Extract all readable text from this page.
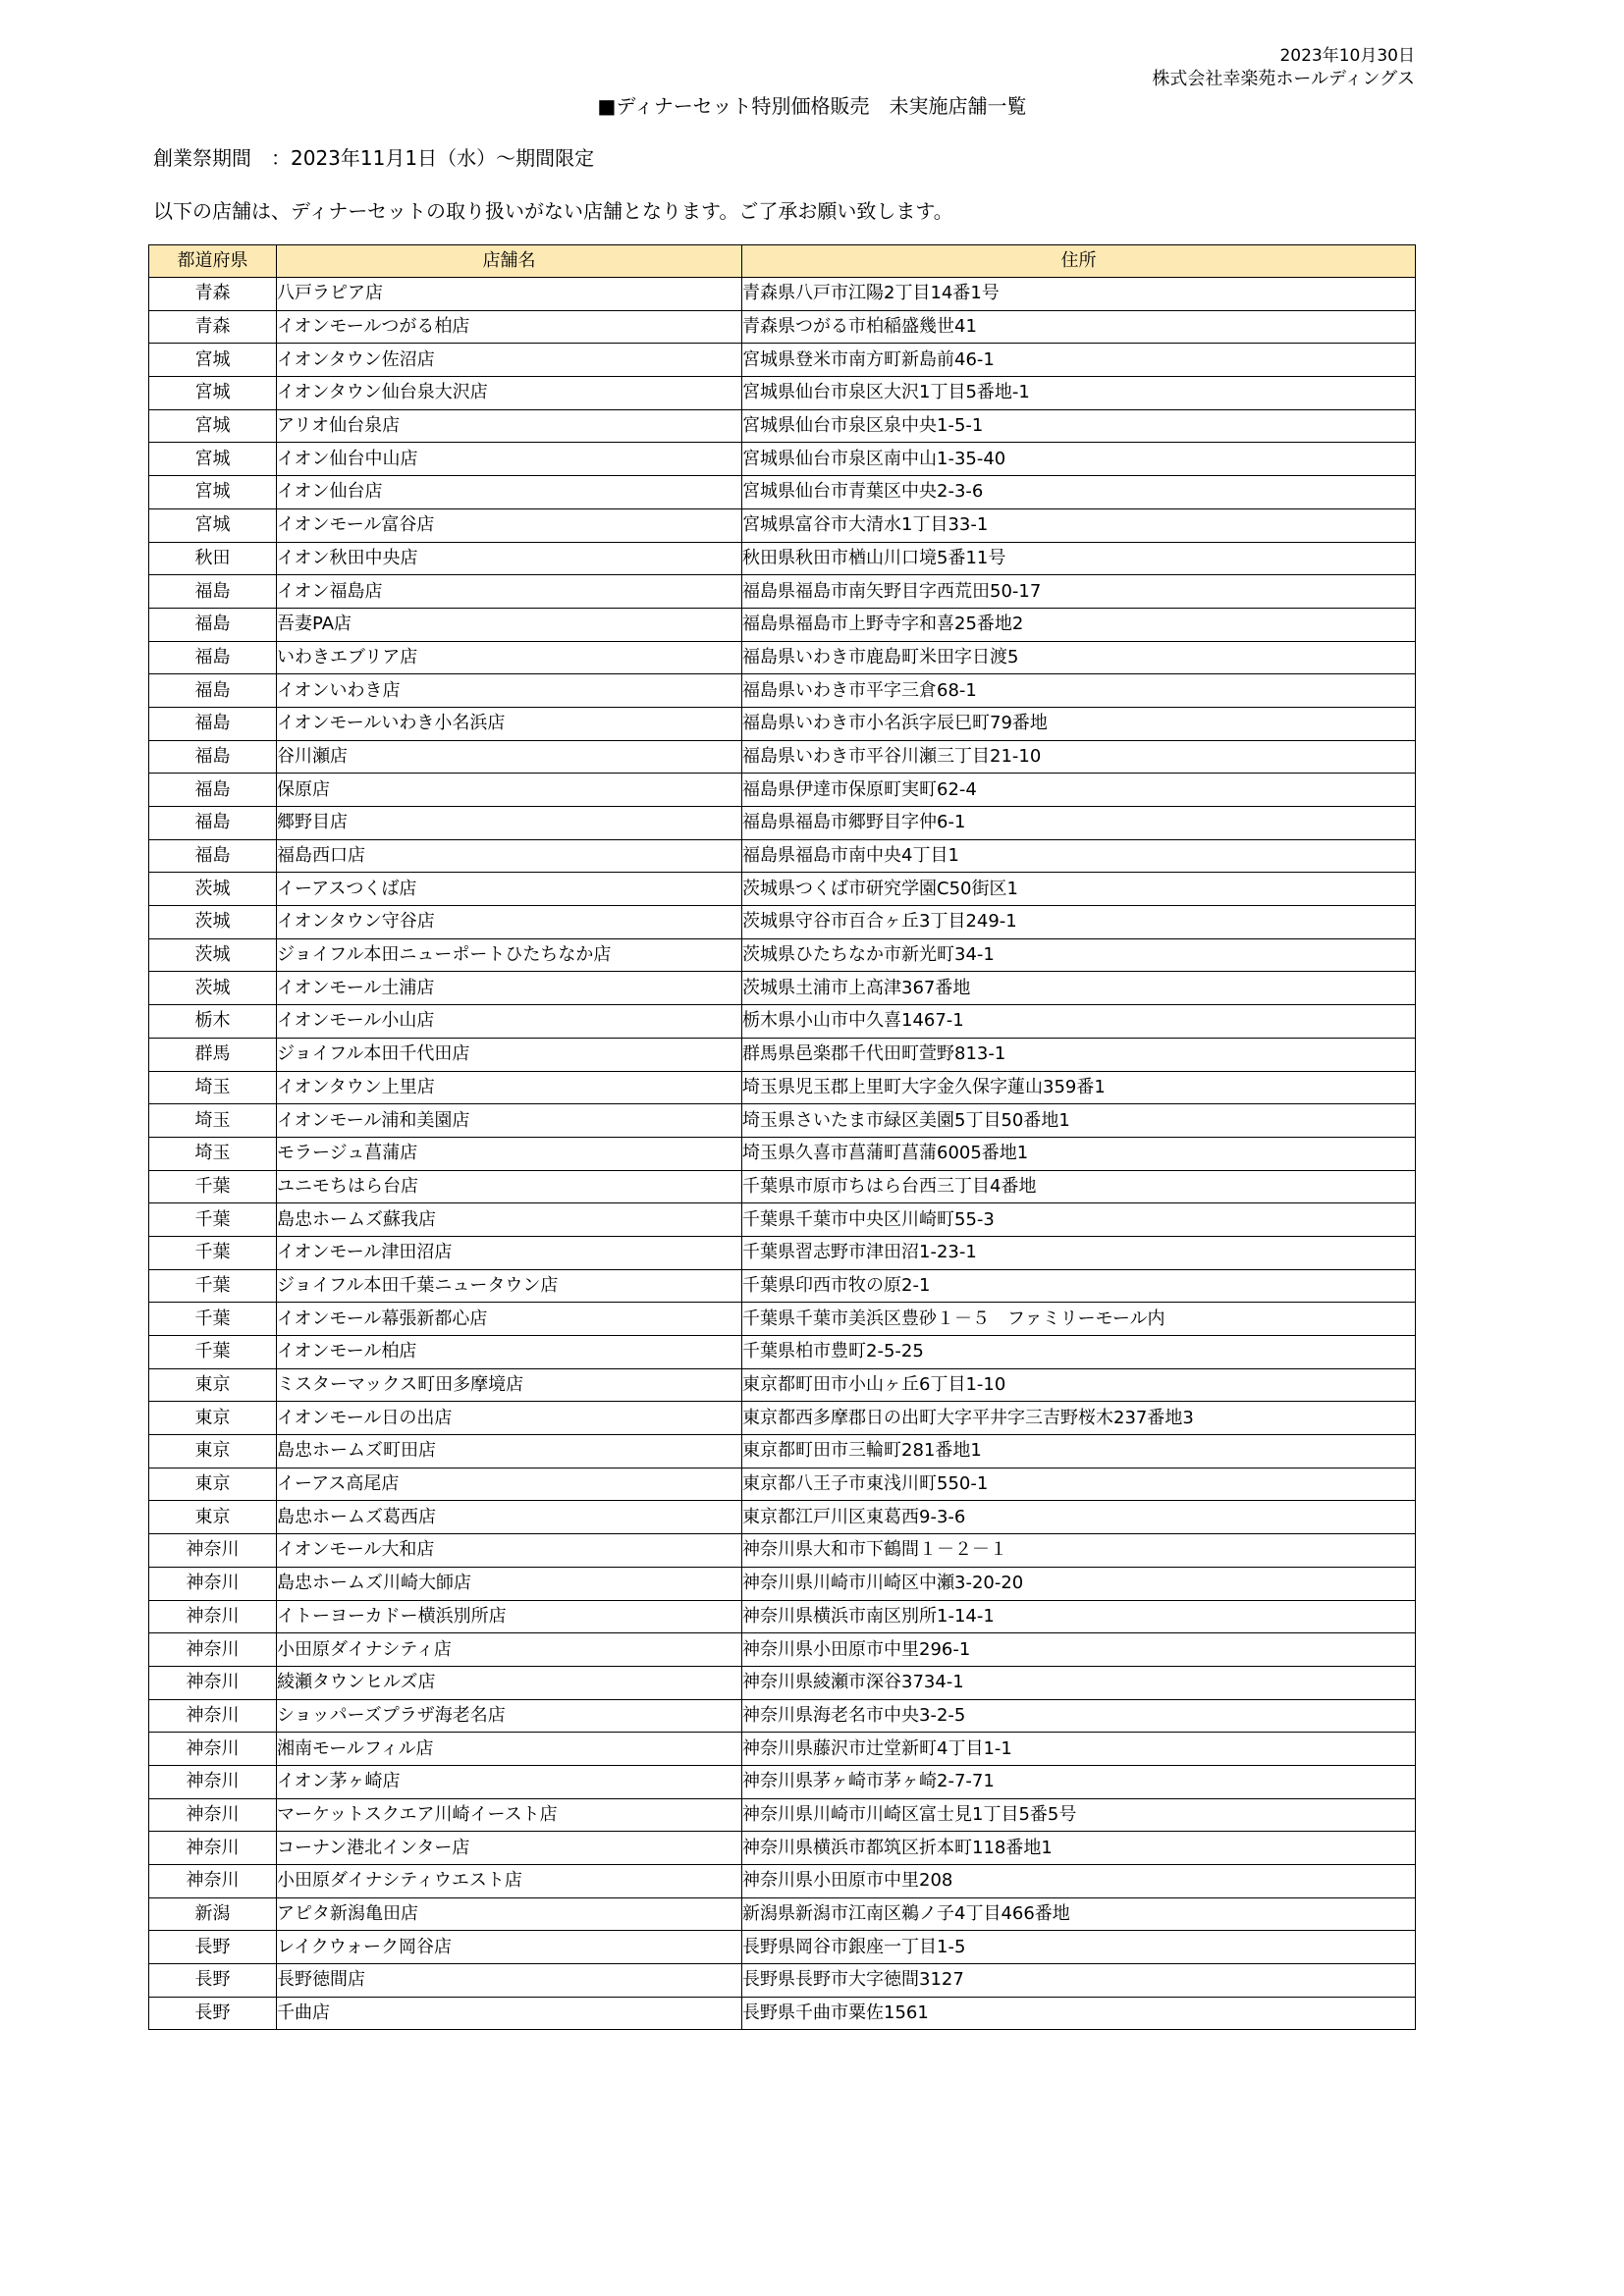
2023年10月30日
株式会社幸楽苑ホールディングス
■ディナーセット特別価格販売　未実施店舗一覧
創業祭期間　：2023年11月1日（水）～期間限定
以下の店舗は、ディナーセットの取り扱いがない店舗となります。ご了承お願い致します。
都道府県	店舗名	住所
青森	八戸ラピア店	青森県八戸市江陽2丁目14番1号
青森	イオンモールつがる柏店	青森県つがる市柏稲盛幾世41
宮城	イオンタウン佐沼店	宮城県登米市南方町新島前46-1
宮城	イオンタウン仙台泉大沢店	宮城県仙台市泉区大沢1丁目5番地-1
宮城	アリオ仙台泉店	宮城県仙台市泉区泉中央1-5-1
宮城	イオン仙台中山店	宮城県仙台市泉区南中山1-35-40
宮城	イオン仙台店	宮城県仙台市青葉区中央2-3-6
宮城	イオンモール富谷店	宮城県富谷市大清水1丁目33-1
秋田	イオン秋田中央店	秋田県秋田市楢山川口境5番11号
福島	イオン福島店	福島県福島市南矢野目字西荒田50-17
福島	吾妻PA店	福島県福島市上野寺字和喜25番地2
福島	いわきエブリア店	福島県いわき市鹿島町米田字日渡5
福島	イオンいわき店	福島県いわき市平字三倉68-1
福島	イオンモールいわき小名浜店	福島県いわき市小名浜字辰巳町79番地
福島	谷川瀬店	福島県いわき市平谷川瀬三丁目21-10
福島	保原店	福島県伊達市保原町実町62-4
福島	郷野目店	福島県福島市郷野目字仲6-1
福島	福島西口店	福島県福島市南中央4丁目1
茨城	イーアスつくば店	茨城県つくば市研究学園C50街区1
茨城	イオンタウン守谷店	茨城県守谷市百合ヶ丘3丁目249-1
茨城	ジョイフル本田ニューポートひたちなか店	茨城県ひたちなか市新光町34-1
茨城	イオンモール土浦店	茨城県土浦市上高津367番地
栃木	イオンモール小山店	栃木県小山市中久喜1467-1
群馬	ジョイフル本田千代田店	群馬県邑楽郡千代田町萱野813-1
埼玉	イオンタウン上里店	埼玉県児玉郡上里町大字金久保字蓮山359番1
埼玉	イオンモール浦和美園店	埼玉県さいたま市緑区美園5丁目50番地1
埼玉	モラージュ菖蒲店	埼玉県久喜市菖蒲町菖蒲6005番地1
千葉	ユニモちはら台店	千葉県市原市ちはら台西三丁目4番地
千葉	島忠ホームズ蘇我店	千葉県千葉市中央区川崎町55-3
千葉	イオンモール津田沼店	千葉県習志野市津田沼1-23-1
千葉	ジョイフル本田千葉ニュータウン店	千葉県印西市牧の原2-1
千葉	イオンモール幕張新都心店	千葉県千葉市美浜区豊砂１－５　ファミリーモール内
千葉	イオンモール柏店	千葉県柏市豊町2-5-25
東京	ミスターマックス町田多摩境店	東京都町田市小山ヶ丘6丁目1-10
東京	イオンモール日の出店	東京都西多摩郡日の出町大字平井字三吉野桜木237番地3
東京	島忠ホームズ町田店	東京都町田市三輪町281番地1
東京	イーアス高尾店	東京都八王子市東浅川町550-1
東京	島忠ホームズ葛西店	東京都江戸川区東葛西9-3-6
神奈川	イオンモール大和店	神奈川県大和市下鶴間１－２－１
神奈川	島忠ホームズ川崎大師店	神奈川県川崎市川崎区中瀬3-20-20
神奈川	イトーヨーカドー横浜別所店	神奈川県横浜市南区別所1-14-1
神奈川	小田原ダイナシティ店	神奈川県小田原市中里296-1
神奈川	綾瀬タウンヒルズ店	神奈川県綾瀬市深谷3734-1
神奈川	ショッパーズプラザ海老名店	神奈川県海老名市中央3-2-5
神奈川	湘南モールフィル店	神奈川県藤沢市辻堂新町4丁目1-1
神奈川	イオン茅ヶ崎店	神奈川県茅ヶ崎市茅ヶ崎2-7-71
神奈川	マーケットスクエア川崎イースト店	神奈川県川崎市川崎区富士見1丁目5番5号
神奈川	コーナン港北インター店	神奈川県横浜市都筑区折本町118番地1
神奈川	小田原ダイナシティウエスト店	神奈川県小田原市中里208
新潟	アピタ新潟亀田店	新潟県新潟市江南区鵜ノ子4丁目466番地
長野	レイクウォーク岡谷店	長野県岡谷市銀座一丁目1-5
長野	長野徳間店	長野県長野市大字徳間3127
長野	千曲店	長野県千曲市粟佐1561
